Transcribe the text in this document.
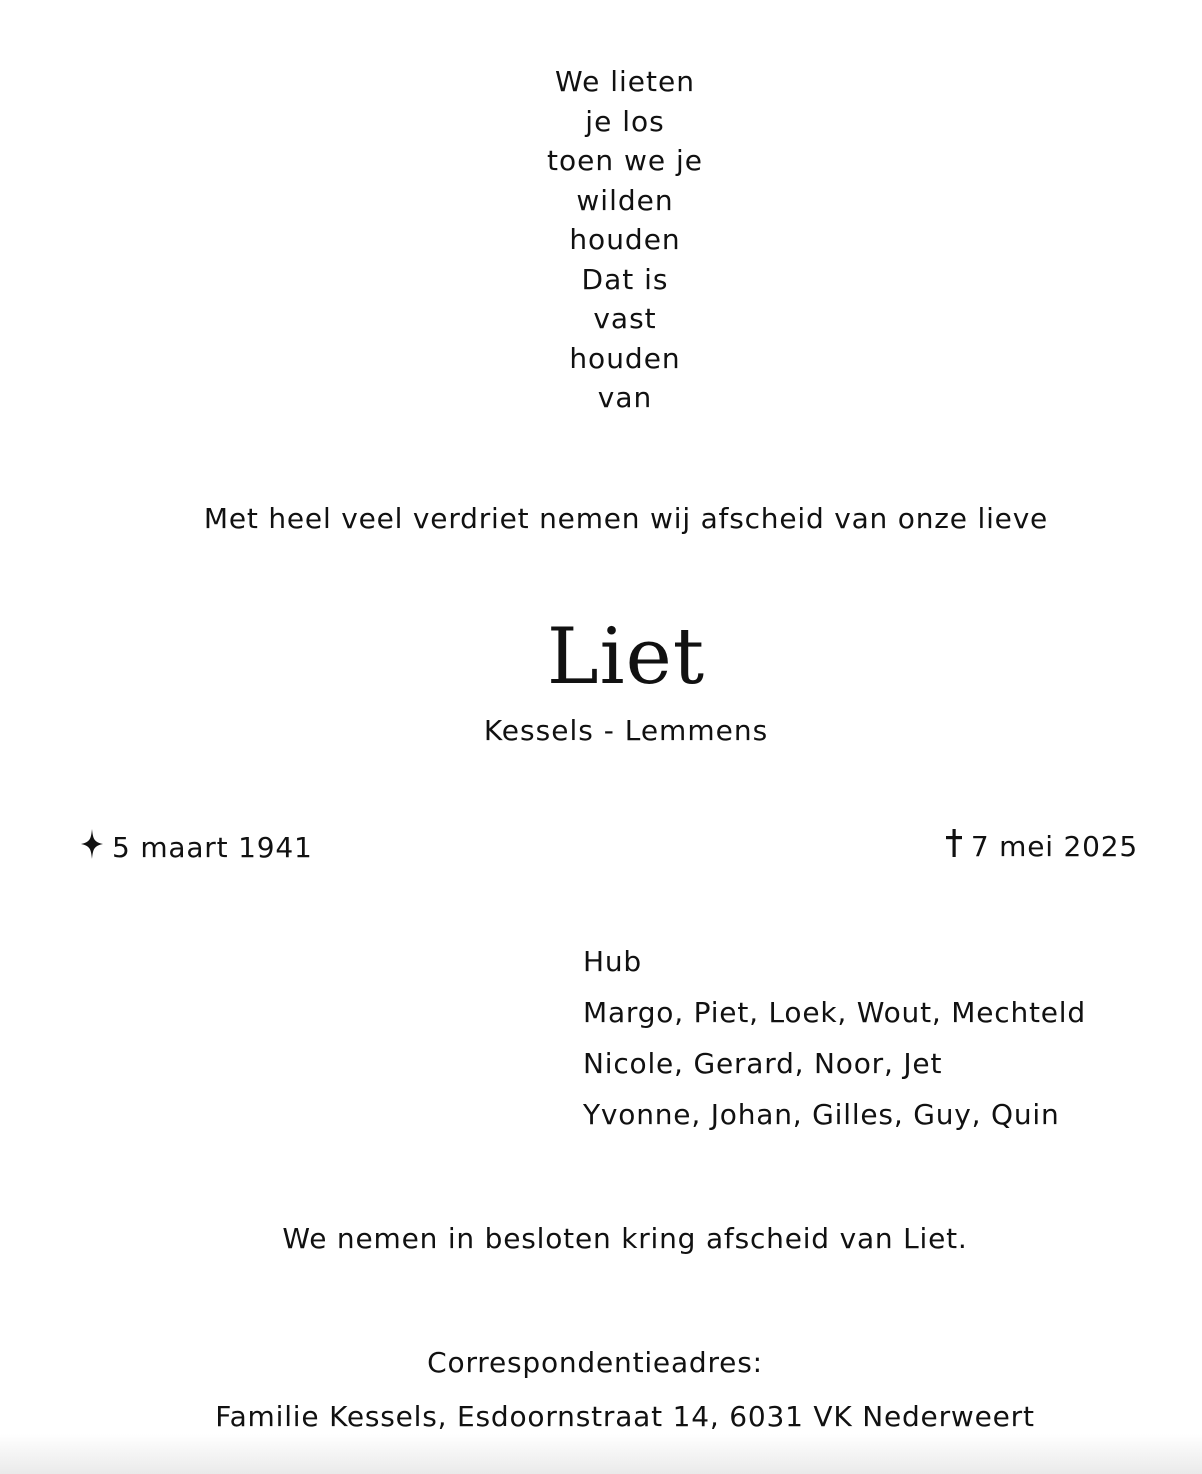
We lieten
je los
toen we je
wilden
houden
Dat is
vast
houden
van
Met heel veel verdriet nemen wij afscheid van onze lieve
Liet
Kessels - Lemmens
5 maart 1941	7 mei 2025
Hub
Margo, Piet, Loek, Wout, Mechteld
Nicole, Gerard, Noor, Jet
Yvonne, Johan, Gilles, Guy, Quin
We nemen in besloten kring afscheid van Liet.
Correspondentieadres:
Familie Kessels, Esdoornstraat 14, 6031 VK Nederweert
